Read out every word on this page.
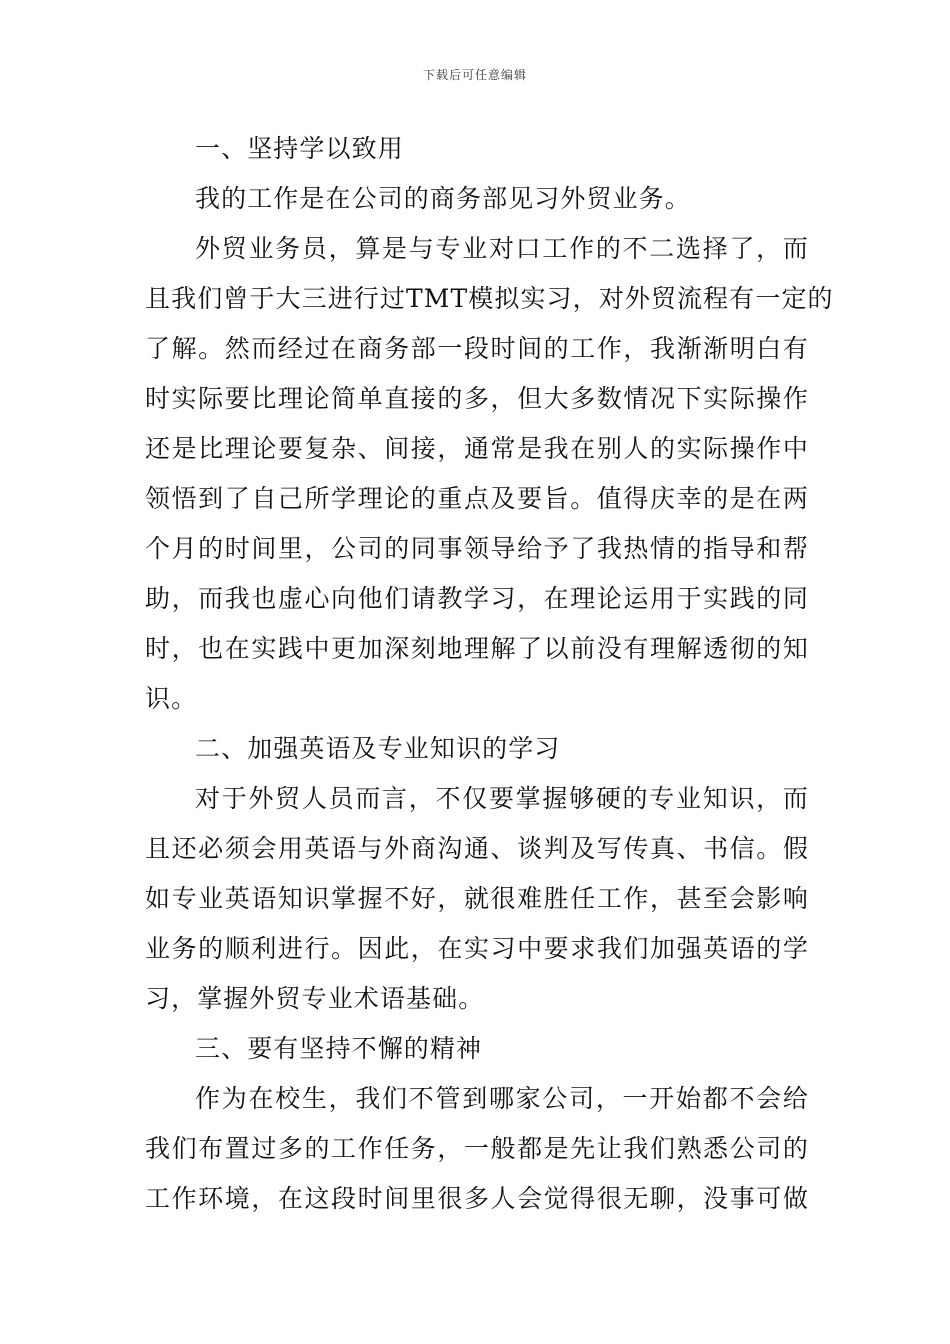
下载后可任意编辑
一、坚持学以致用
我的工作是在公司的商务部见习外贸业务。
外贸业务员，算是与专业对口工作的不二选择了，而
且我们曾于大三进行过TMT模拟实习，对外贸流程有一定的
了解。然而经过在商务部一段时间的工作，我渐渐明白有
时实际要比理论简单直接的多，但大多数情况下实际操作
还是比理论要复杂、间接，通常是我在别人的实际操作中
领悟到了自己所学理论的重点及要旨。值得庆幸的是在两
个月的时间里，公司的同事领导给予了我热情的指导和帮
助，而我也虚心向他们请教学习，在理论运用于实践的同
时，也在实践中更加深刻地理解了以前没有理解透彻的知
识。
二、加强英语及专业知识的学习
对于外贸人员而言，不仅要掌握够硬的专业知识，而
且还必须会用英语与外商沟通、谈判及写传真、书信。假
如专业英语知识掌握不好，就很难胜任工作，甚至会影响
业务的顺利进行。因此，在实习中要求我们加强英语的学
习，掌握外贸专业术语基础。
三、要有坚持不懈的精神
作为在校生，我们不管到哪家公司，一开始都不会给
我们布置过多的工作任务，一般都是先让我们熟悉公司的
工作环境，在这段时间里很多人会觉得很无聊，没事可做
